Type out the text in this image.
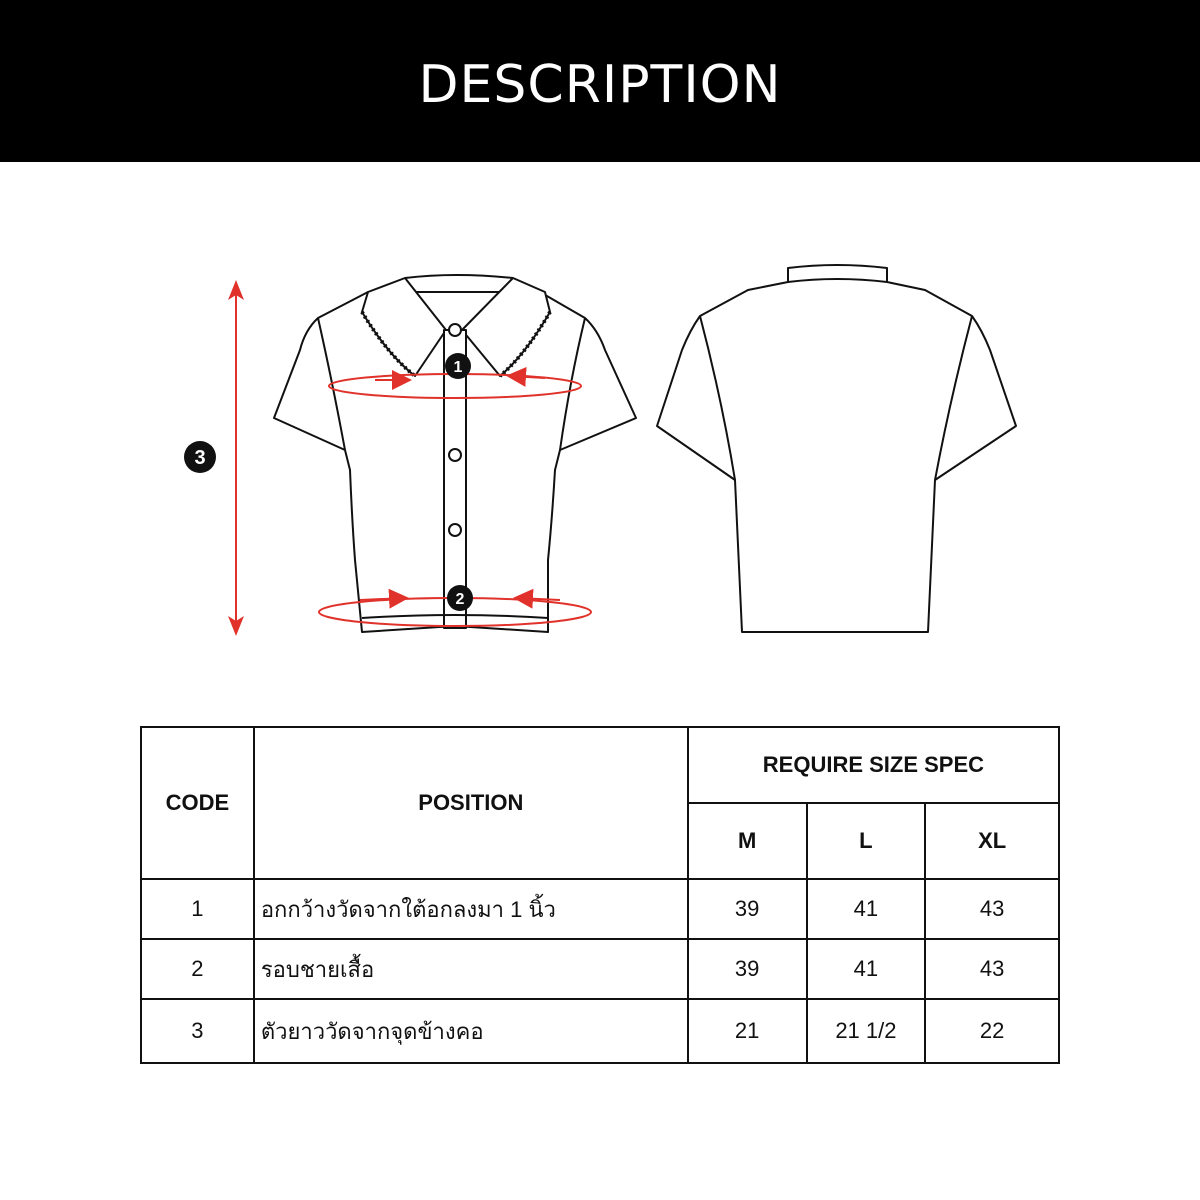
DESCRIPTION
1
2
3
CODE	POSITION	REQUIRE SIZE SPEC		
		M	L	XL
1	อกกว้างวัดจากใต้อกลงมา 1 นิ้ว	39	41	43
2	รอบชายเสื้อ	39	41	43
3	ตัวยาววัดจากจุดข้างคอ	21	21 1/2	22
